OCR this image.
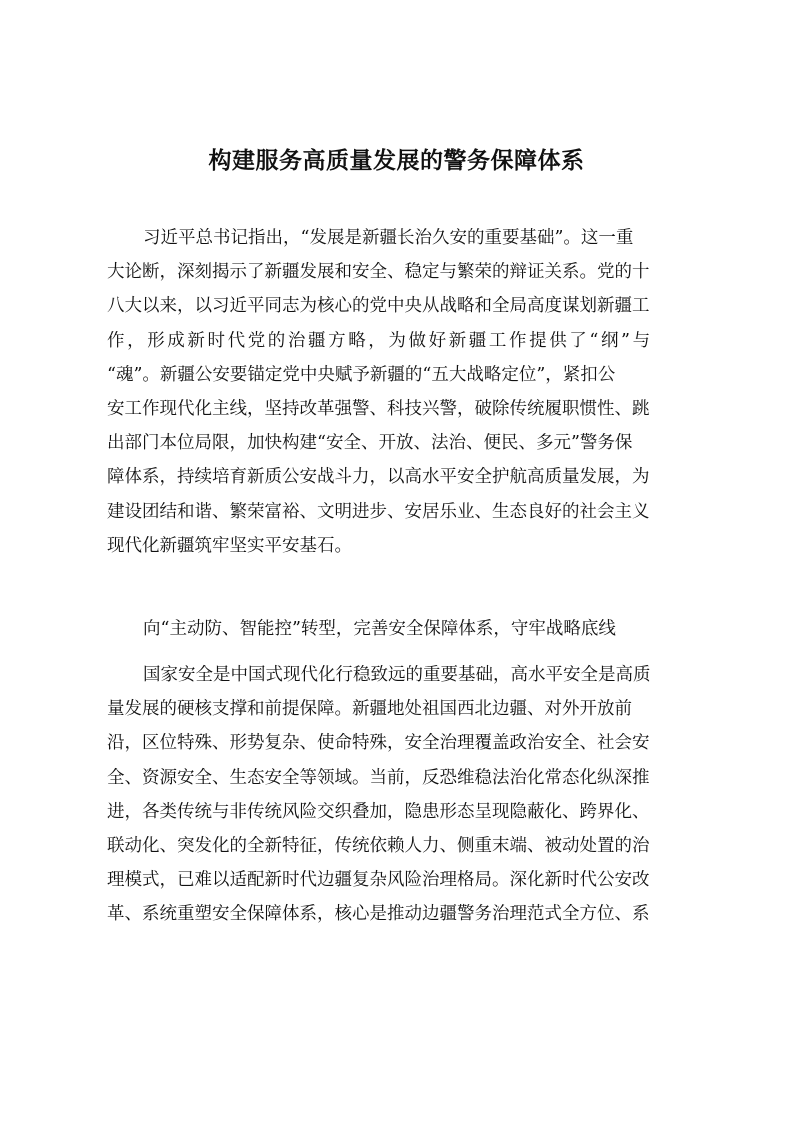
构建服务高质量发展的警务保障体系
习近平总书记指出，“发展是新疆长治久安的重要基础”。这一重
大论断，深刻揭示了新疆发展和安全、稳定与繁荣的辩证关系。党的十
八大以来，以习近平同志为核心的党中央从战略和全局高度谋划新疆工
作，形成新时代党的治疆方略，为做好新疆工作提供了“纲”与
“魂”。新疆公安要锚定党中央赋予新疆的“五大战略定位”，紧扣公
安工作现代化主线，坚持改革强警、科技兴警，破除传统履职惯性、跳
出部门本位局限，加快构建“安全、开放、法治、便民、多元”警务保
障体系，持续培育新质公安战斗力，以高水平安全护航高质量发展，为
建设团结和谐、繁荣富裕、文明进步、安居乐业、生态良好的社会主义
现代化新疆筑牢坚实平安基石。
向“主动防、智能控”转型，完善安全保障体系，守牢战略底线
国家安全是中国式现代化行稳致远的重要基础，高水平安全是高质
量发展的硬核支撑和前提保障。新疆地处祖国西北边疆、对外开放前
沿，区位特殊、形势复杂、使命特殊，安全治理覆盖政治安全、社会安
全、资源安全、生态安全等领域。当前，反恐维稳法治化常态化纵深推
进，各类传统与非传统风险交织叠加，隐患形态呈现隐蔽化、跨界化、
联动化、突发化的全新特征，传统依赖人力、侧重末端、被动处置的治
理模式，已难以适配新时代边疆复杂风险治理格局。深化新时代公安改
革、系统重塑安全保障体系，核心是推动边疆警务治理范式全方位、系
